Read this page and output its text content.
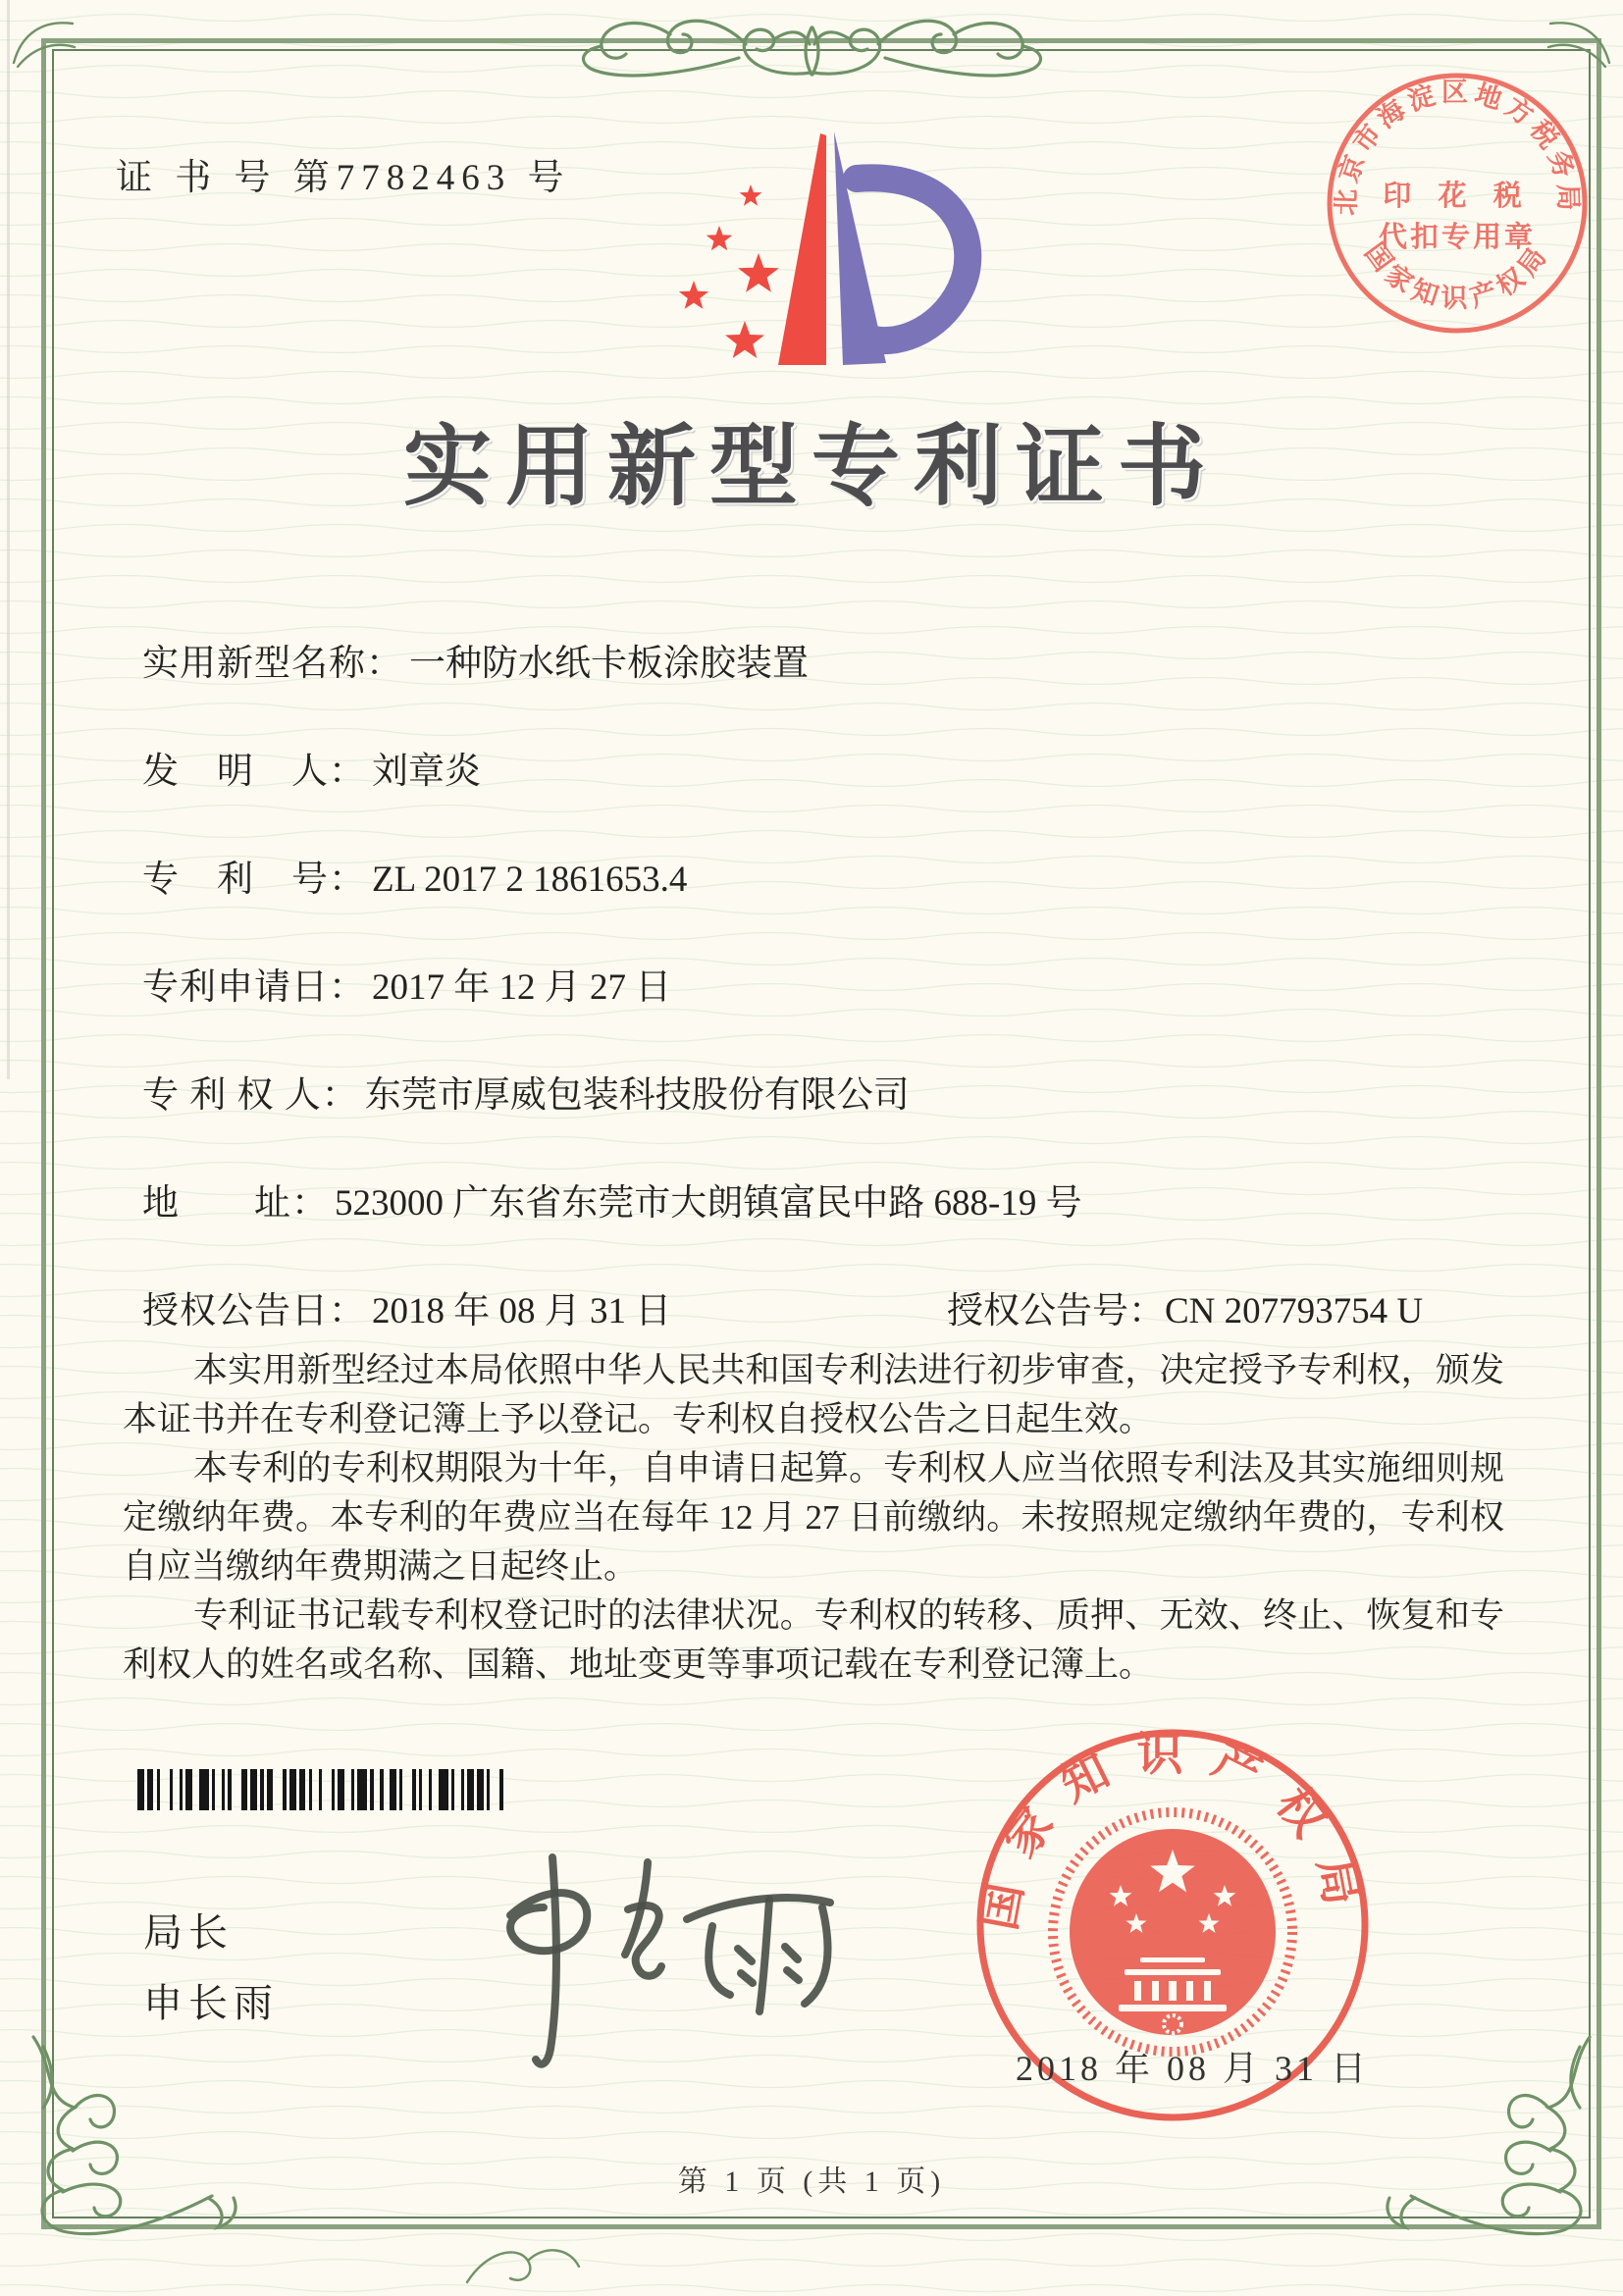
证 书 号 第7782463 号
北京市海淀区地方税务局
印 花 税
代扣专用章
国家知识产权局
实用新型专利证书
实用新型名称： 一种防水纸卡板涂胶装置
发　明　人： 刘章炎
专　利　号： ZL 2017 2 1861653.4
专利申请日： 2017 年 12 月 27 日
专 利 权 人： 东莞市厚威包装科技股份有限公司
地　　址： 523000 广东省东莞市大朗镇富民中路 688-19 号
授权公告日： 2018 年 08 月 31 日	授权公告号：CN 207793754 U

本实用新型经过本局依照中华人民共和国专利法进行初步审查，决定授予专利权，颁发本证书并在专利登记簿上予以登记。专利权自授权公告之日起生效。

本专利的专利权期限为十年，自申请日起算。专利权人应当依照专利法及其实施细则规定缴纳年费。本专利的年费应当在每年 12 月 27 日前缴纳。未按照规定缴纳年费的，专利权自应当缴纳年费期满之日起终止。

专利证书记载专利权登记时的法律状况。专利权的转移、质押、无效、终止、恢复和专利权人的姓名或名称、国籍、地址变更等事项记载在专利登记簿上。

局长
申长雨
国家知识产权局
2018 年 08 月 31 日
第 1 页 (共 1 页)
